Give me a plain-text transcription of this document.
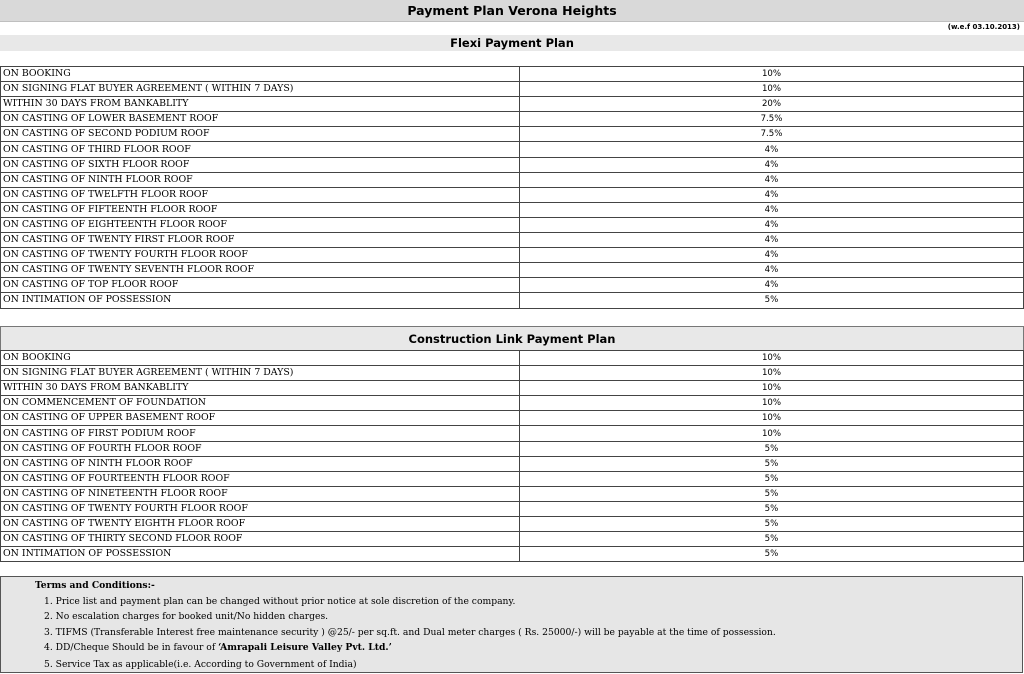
Payment Plan Verona Heights
(w.e.f 03.10.2013)
Flexi Payment Plan
ON BOOKING	10%
ON SIGNING FLAT BUYER AGREEMENT ( WITHIN 7 DAYS)	10%
WITHIN 30 DAYS FROM BANKABLITY	20%
ON CASTING OF LOWER BASEMENT ROOF	7.5%
ON CASTING OF SECOND PODIUM ROOF	7.5%
ON CASTING OF THIRD FLOOR ROOF	4%
ON CASTING OF SIXTH FLOOR ROOF	4%
ON CASTING OF NINTH FLOOR ROOF	4%
ON CASTING OF TWELFTH FLOOR ROOF	4%
ON CASTING OF FIFTEENTH FLOOR ROOF	4%
ON CASTING OF EIGHTEENTH FLOOR ROOF	4%
ON CASTING OF TWENTY FIRST FLOOR ROOF	4%
ON CASTING OF TWENTY FOURTH FLOOR ROOF	4%
ON CASTING OF TWENTY SEVENTH FLOOR ROOF	4%
ON CASTING OF TOP FLOOR ROOF	4%
ON INTIMATION OF POSSESSION	5%
Construction Link Payment Plan
ON BOOKING	10%
ON SIGNING FLAT BUYER AGREEMENT ( WITHIN 7 DAYS)	10%
WITHIN 30 DAYS FROM BANKABLITY	10%
ON COMMENCEMENT OF FOUNDATION	10%
ON CASTING OF UPPER BASEMENT ROOF	10%
ON CASTING OF FIRST PODIUM ROOF	10%
ON CASTING OF FOURTH FLOOR ROOF	5%
ON CASTING OF NINTH FLOOR ROOF	5%
ON CASTING OF FOURTEENTH FLOOR ROOF	5%
ON CASTING OF NINETEENTH FLOOR ROOF	5%
ON CASTING OF TWENTY FOURTH FLOOR ROOF	5%
ON CASTING OF TWENTY EIGHTH FLOOR ROOF	5%
ON CASTING OF THIRTY SECOND FLOOR ROOF	5%
ON INTIMATION OF POSSESSION	5%
Terms and Conditions:-
1. Price list and payment plan can be changed without prior notice at sole discretion of the company.
2. No escalation charges for booked unit/No hidden charges.
3. TIFMS (Transferable Interest free maintenance security ) @25/- per sq.ft. and Dual meter charges ( Rs. 25000/-) will be payable at the time of possession.
4. DD/Cheque Should be in favour of ‘Amrapali Leisure Valley Pvt. Ltd.’
5. Service Tax as applicable(i.e. According to Government of India)
